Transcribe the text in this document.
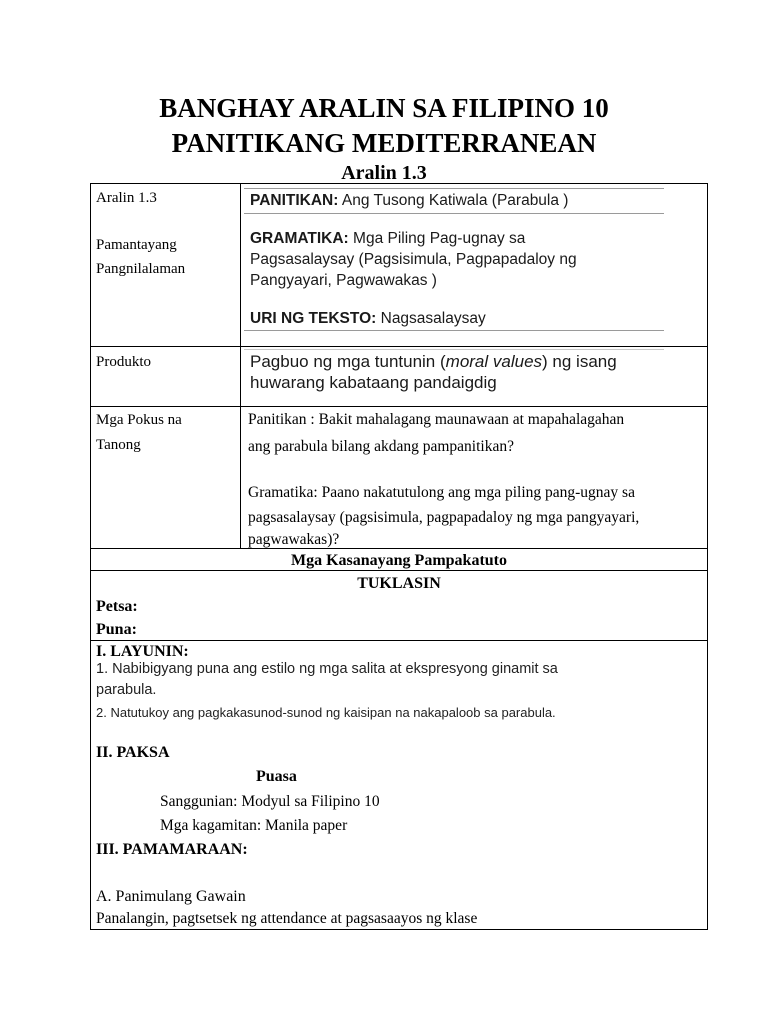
BANGHAY ARALIN SA FILIPINO 10
PANITIKANG MEDITERRANEAN
Aralin 1.3
Aralin 1.3
Pamantayang
Pangnilalaman
PANITIKAN: Ang Tusong Katiwala (Parabula )
GRAMATIKA: Mga Piling Pag-ugnay sa
Pagsasalaysay (Pagsisimula, Pagpapadaloy ng
Pangyayari, Pagwawakas )
URI NG TEKSTO: Nagsasalaysay
Produkto	Pagbuo ng mga tuntunin (moral values) ng isang
huwarang kabataang pandaigdig
Mga Pokus na
Tanong
Panitikan : Bakit mahalagang maunawaan at mapahalagahan
ang parabula bilang akdang pampanitikan?
Gramatika: Paano nakatutulong ang mga piling pang-ugnay sa
pagsasalaysay (pagsisimula, pagpapadaloy ng mga pangyayari,
pagwawakas)?
Mga Kasanayang Pampakatuto
TUKLASIN
Petsa:
Puna:
I. LAYUNIN:
1. Nabibigyang puna ang estilo ng mga salita at ekspresyong ginamit sa
parabula.
2. Natutukoy ang pagkakasunod-sunod ng kaisipan na nakapaloob sa parabula.
II. PAKSA
Puasa
Sanggunian: Modyul sa Filipino 10
Mga kagamitan: Manila paper
III. PAMAMARAAN:
A. Panimulang Gawain
Panalangin, pagtsetsek ng attendance at pagsasaayos ng klase
